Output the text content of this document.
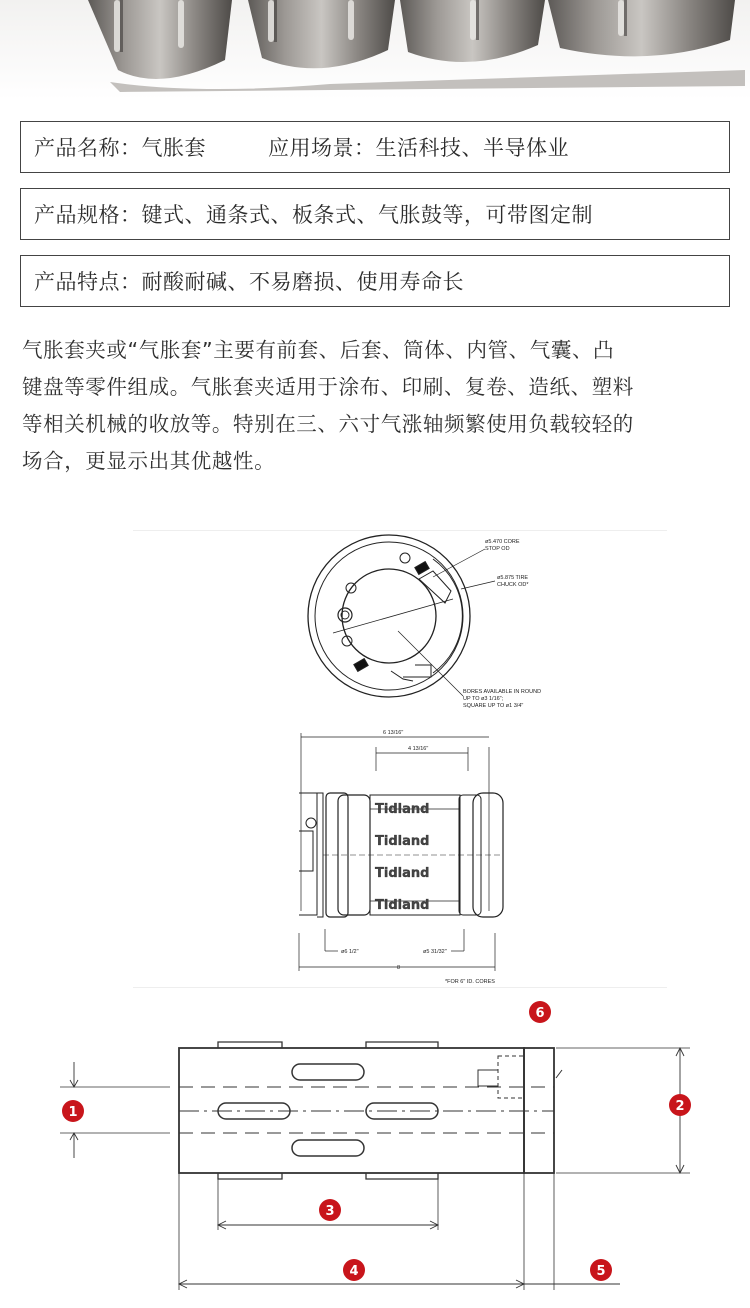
产品名称：气胀套	应用场景：生活科技、半导体业
产品规格：键式、通条式、板条式、气胀鼓等，可带图定制
产品特点：耐酸耐碱、不易磨损、使用寿命长
气胀套夹或“气胀套”主要有前套、后套、筒体、内管、气囊、凸
键盘等零件组成。气胀套夹适用于涂布、印刷、复卷、造纸、塑料
等相关机械的收放等。特别在三、六寸气涨轴频繁使用负载较轻的
场合，更显示出其优越性。
ø5.470 CORE
STOP OD
ø5.875 TIRE
CHUCK OD*
BORES AVAILABLE IN ROUND
UP TO ø3 1/16";
SQUARE UP TO ø1 3/4"
Tidland
Tidland
Tidland
Tidland
6 13/16"
4 13/16"
ø6 1/2"	ø5 31/32"
8
*FOR 6" ID. CORES
1	2
3
4	5
6
